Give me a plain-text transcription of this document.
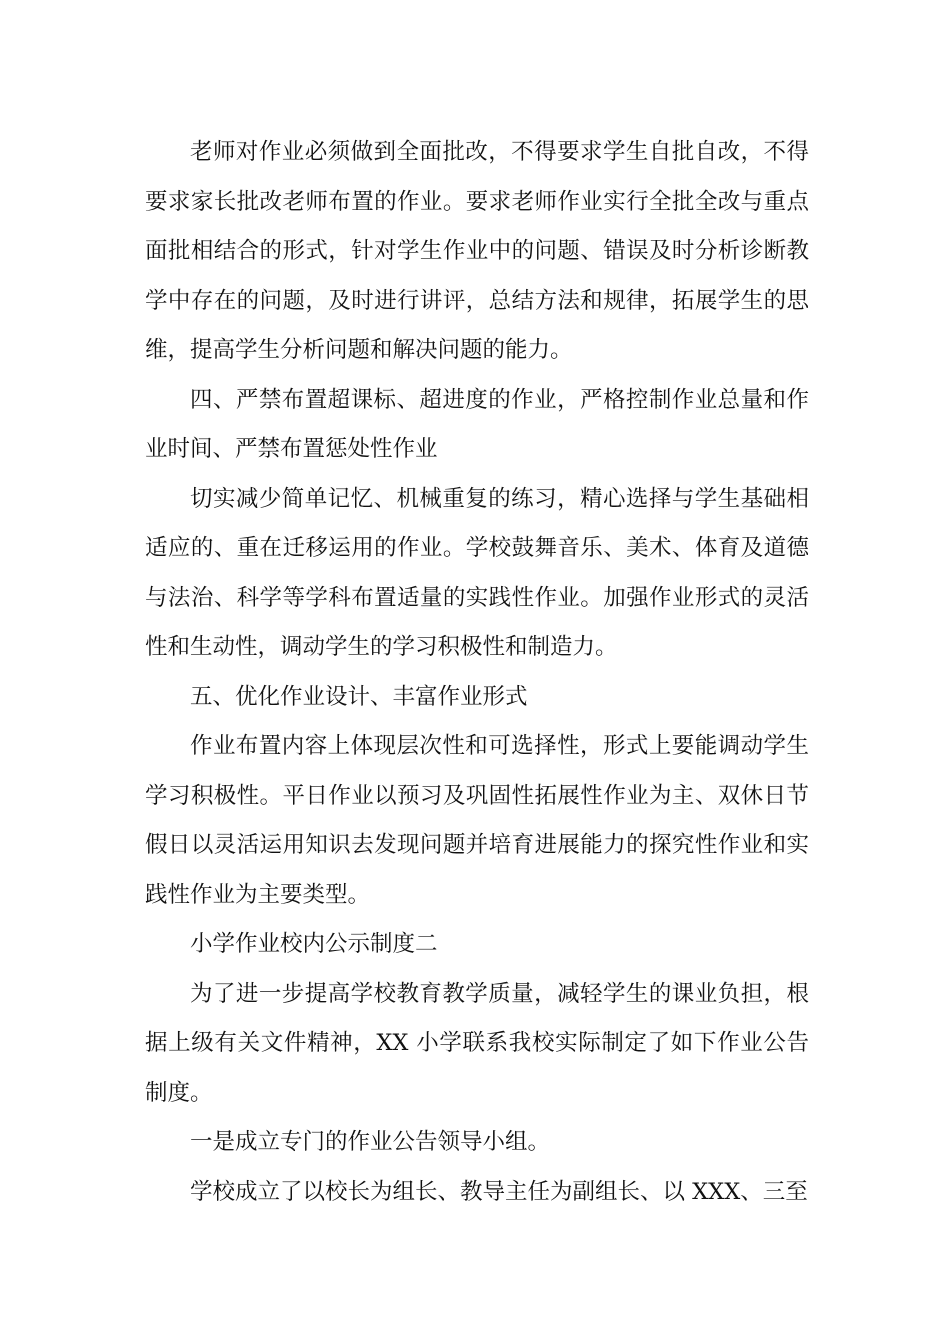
老师对作业必须做到全面批改，不得要求学生自批自改，不得要求家长批改老师布置的作业。要求老师作业实行全批全改与重点面批相结合的形式，针对学生作业中的问题、错误及时分析诊断教学中存在的问题，及时进行讲评，总结方法和规律，拓展学生的思维，提高学生分析问题和解决问题的能力。

四、严禁布置超课标、超进度的作业，严格控制作业总量和作业时间、严禁布置惩处性作业

切实减少简单记忆、机械重复的练习，精心选择与学生基础相适应的、重在迁移运用的作业。学校鼓舞音乐、美术、体育及道德与法治、科学等学科布置适量的实践性作业。加强作业形式的灵活性和生动性，调动学生的学习积极性和制造力。

五、优化作业设计、丰富作业形式

作业布置内容上体现层次性和可选择性，形式上要能调动学生学习积极性。平日作业以预习及巩固性拓展性作业为主、双休日节假日以灵活运用知识去发现问题并培育进展能力的探究性作业和实践性作业为主要类型。

小学作业校内公示制度二

为了进一步提高学校教育教学质量，减轻学生的课业负担，根据上级有关文件精神，XX 小学联系我校实际制定了如下作业公告制度。

一是成立专门的作业公告领导小组。

学校成立了以校长为组长、教导主任为副组长、以 XXX、三至
